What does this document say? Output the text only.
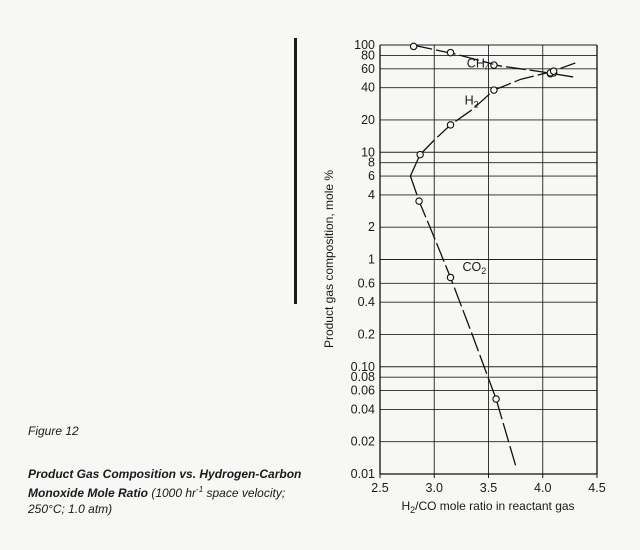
100
80
60
40
20
10
8
6
4
2
1
0.6
0.4
0.2
0.10
0.08
0.06
0.04
0.02
0.01
2.5	3.0	3.5	4.0	4.5
$CH_4-$
$H_2$
$CO_2$
Product gas composition, mole %
$H_2/CO$ mole ratio in reactant gas
Figure 12
Product Gas Composition vs. Hydrogen-Carbon Monoxide Mole Ratio (1000 $hr^{-1}$ space velocity; 250°C; 1.0 atm)
